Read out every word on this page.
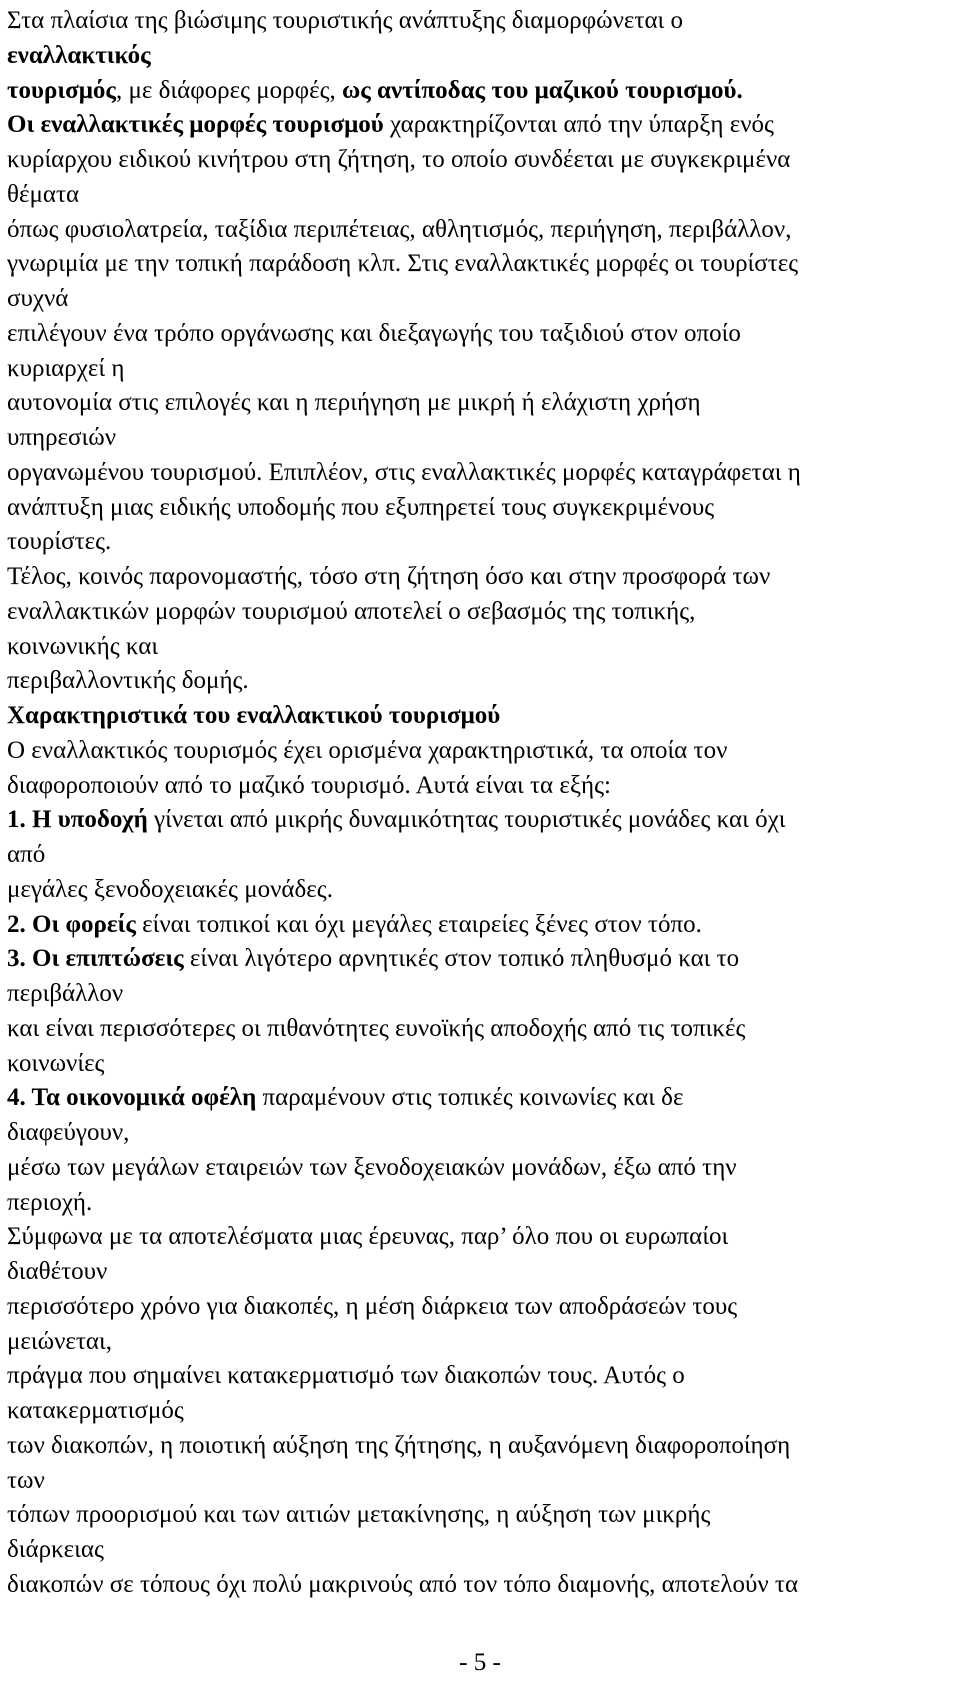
Στα πλαίσια της βιώσιμης τουριστικής ανάπτυξης διαμορφώνεται ο
εναλλακτικός
τουρισμός, με διάφορες μορφές, ως αντίποδας του μαζικού τουρισμού.
Οι εναλλακτικές μορφές τουρισμού χαρακτηρίζονται από την ύπαρξη ενός
κυρίαρχου ειδικού κινήτρου στη ζήτηση, το οποίο συνδέεται με συγκεκριμένα
θέματα
όπως φυσιολατρεία, ταξίδια περιπέτειας, αθλητισμός, περιήγηση, περιβάλλον,
γνωριμία με την τοπική παράδοση κλπ. Στις εναλλακτικές μορφές οι τουρίστες
συχνά
επιλέγουν ένα τρόπο οργάνωσης και διεξαγωγής του ταξιδιού στον οποίο
κυριαρχεί η
αυτονομία στις επιλογές και η περιήγηση με μικρή ή ελάχιστη χρήση
υπηρεσιών
οργανωμένου τουρισμού. Επιπλέον, στις εναλλακτικές μορφές καταγράφεται η
ανάπτυξη μιας ειδικής υποδομής που εξυπηρετεί τους συγκεκριμένους
τουρίστες.
Τέλος, κοινός παρονομαστής, τόσο στη ζήτηση όσο και στην προσφορά των
εναλλακτικών μορφών τουρισμού αποτελεί ο σεβασμός της τοπικής,
κοινωνικής και
περιβαλλοντικής δομής.
Χαρακτηριστικά του εναλλακτικού τουρισμού
Ο εναλλακτικός τουρισμός έχει ορισμένα χαρακτηριστικά, τα οποία τον
διαφοροποιούν από το μαζικό τουρισμό. Αυτά είναι τα εξής:
1. Η υποδοχή γίνεται από μικρής δυναμικότητας τουριστικές μονάδες και όχι
από
μεγάλες ξενοδοχειακές μονάδες.
2. Οι φορείς είναι τοπικοί και όχι μεγάλες εταιρείες ξένες στον τόπο.
3. Οι επιπτώσεις είναι λιγότερο αρνητικές στον τοπικό πληθυσμό και το
περιβάλλον
και είναι περισσότερες οι πιθανότητες ευνοϊκής αποδοχής από τις τοπικές
κοινωνίες
4. Τα οικονομικά οφέλη παραμένουν στις τοπικές κοινωνίες και δε
διαφεύγουν,
μέσω των μεγάλων εταιρειών των ξενοδοχειακών μονάδων, έξω από την
περιοχή.
Σύμφωνα με τα αποτελέσματα μιας έρευνας, παρ’ όλο που οι ευρωπαίοι
διαθέτουν
περισσότερο χρόνο για διακοπές, η μέση διάρκεια των αποδράσεών τους
μειώνεται,
πράγμα που σημαίνει κατακερματισμό των διακοπών τους. Αυτός ο
κατακερματισμός
των διακοπών, η ποιοτική αύξηση της ζήτησης, η αυξανόμενη διαφοροποίηση
των
τόπων προορισμού και των αιτιών μετακίνησης, η αύξηση των μικρής
διάρκειας
διακοπών σε τόπους όχι πολύ μακρινούς από τον τόπο διαμονής, αποτελούν τα
- 5 -
